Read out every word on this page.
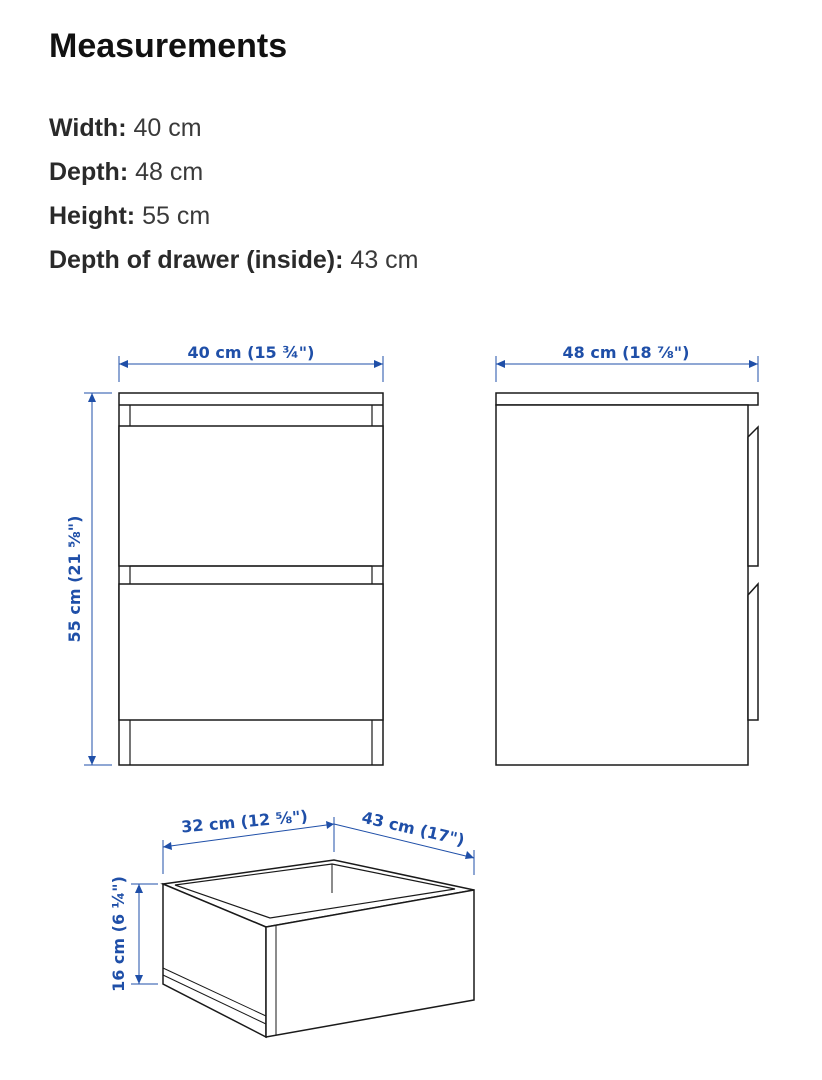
Measurements
Width: 40 cm
Depth: 48 cm
Height: 55 cm
Depth of drawer (inside): 43 cm
40 cm (15 ¾")
55 cm (21 ⅝")
48 cm (18 ⅞")
32 cm (12 ⅝")	43 cm (17")
16 cm (6 ¼")
